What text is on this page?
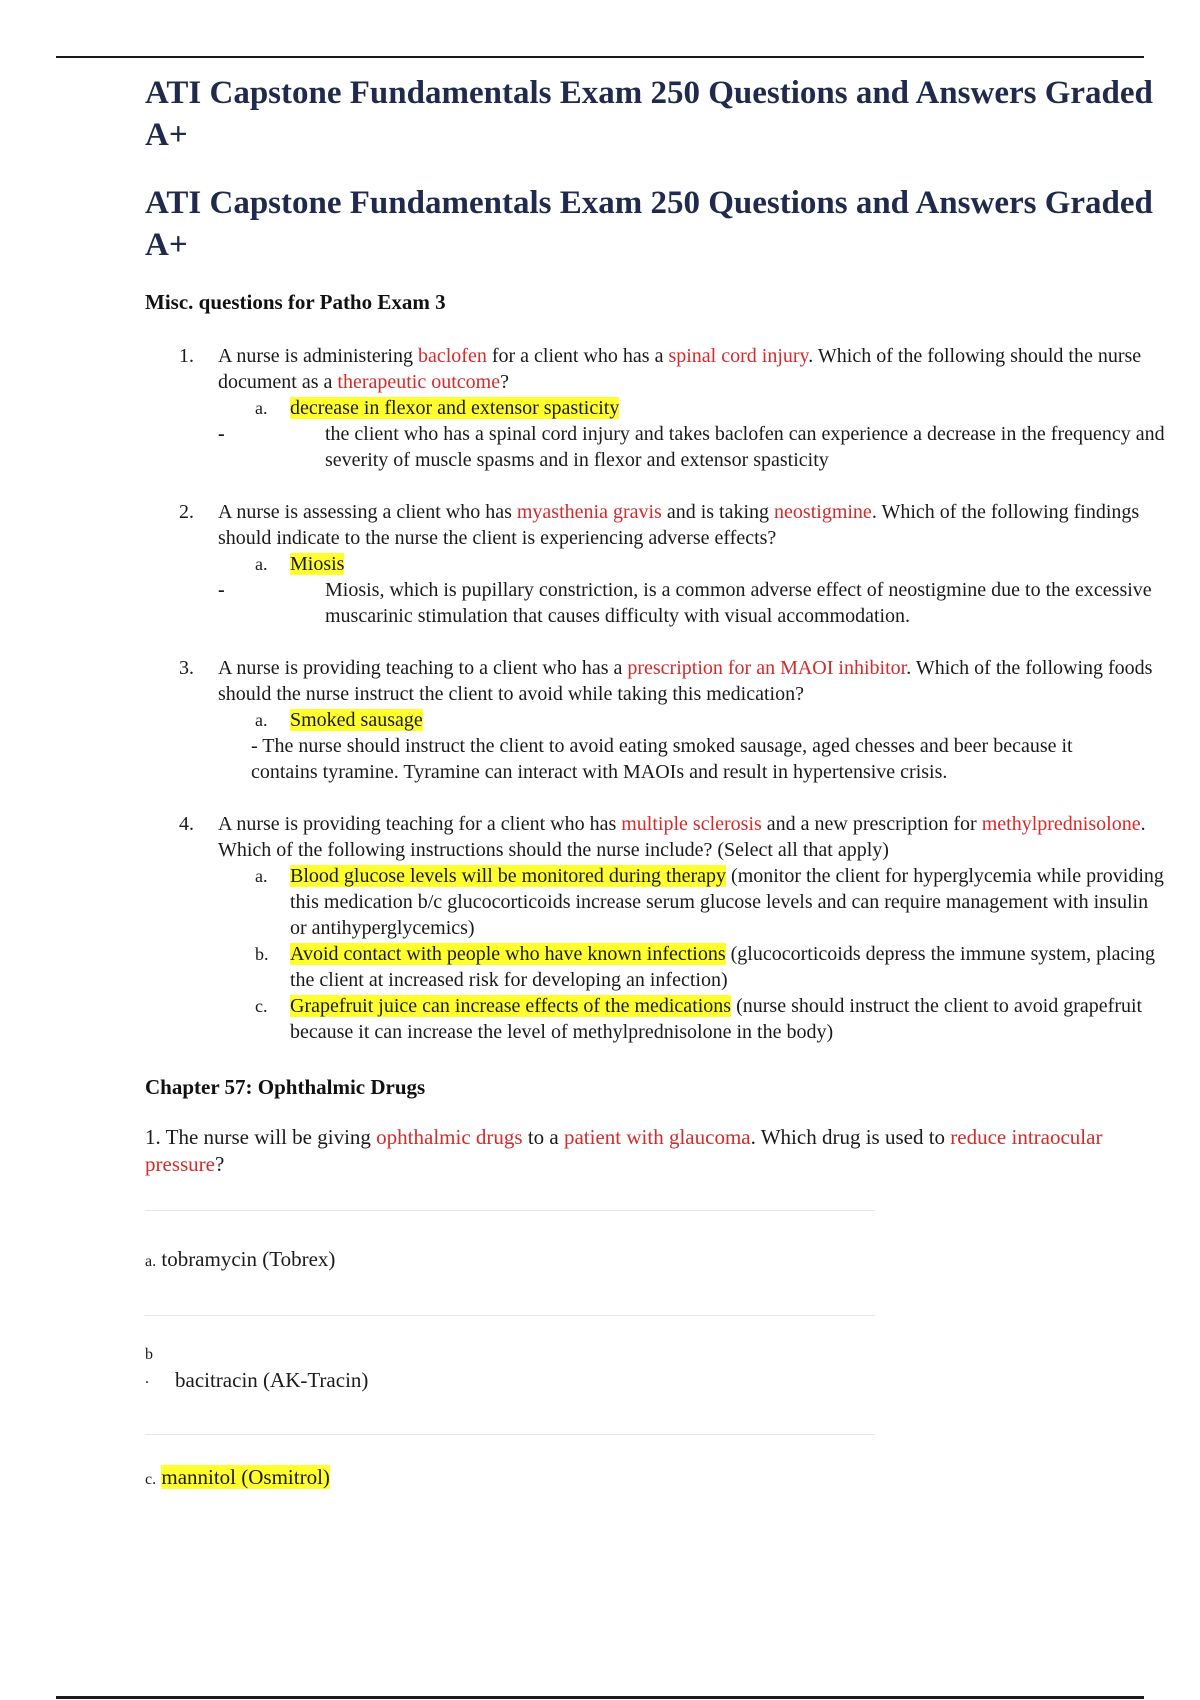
ATI Capstone Fundamentals Exam 250 Questions and Answers Graded A+
ATI Capstone Fundamentals Exam 250 Questions and Answers Graded A+
Misc. questions for Patho Exam 3
1. A nurse is administering baclofen for a client who has a spinal cord injury. Which of the following should the nurse document as a therapeutic outcome?
a. decrease in flexor and extensor spasticity
-	the client who has a spinal cord injury and takes baclofen can experience a decrease in the frequency and severity of muscle spasms and in flexor and extensor spasticity
2. A nurse is assessing a client who has myasthenia gravis and is taking neostigmine. Which of the following findings should indicate to the nurse the client is experiencing adverse effects?
a. Miosis
-	Miosis, which is pupillary constriction, is a common adverse effect of neostigmine due to the excessive muscarinic stimulation that causes difficulty with visual accommodation.
3. A nurse is providing teaching to a client who has a prescription for an MAOI inhibitor. Which of the following foods should the nurse instruct the client to avoid while taking this medication?
a. Smoked sausage
- The nurse should instruct the client to avoid eating smoked sausage, aged chesses and beer because it contains tyramine. Tyramine can interact with MAOIs and result in hypertensive crisis.
4. A nurse is providing teaching for a client who has multiple sclerosis and a new prescription for methylprednisolone. Which of the following instructions should the nurse include? (Select all that apply)
a. Blood glucose levels will be monitored during therapy (monitor the client for hyperglycemia while providing this medication b/c glucocorticoids increase serum glucose levels and can require management with insulin or antihyperglycemics)
b. Avoid contact with people who have known infections (glucocorticoids depress the immune system, placing the client at increased risk for developing an infection)
c. Grapefruit juice can increase effects of the medications (nurse should instruct the client to avoid grapefruit because it can increase the level of methylprednisolone in the body)
Chapter 57: Ophthalmic Drugs
1. The nurse will be giving ophthalmic drugs to a patient with glaucoma. Which drug is used to reduce intraocular pressure?
a. tobramycin (Tobrex)
b
. bacitracin (AK-Tracin)
c. mannitol (Osmitrol)
